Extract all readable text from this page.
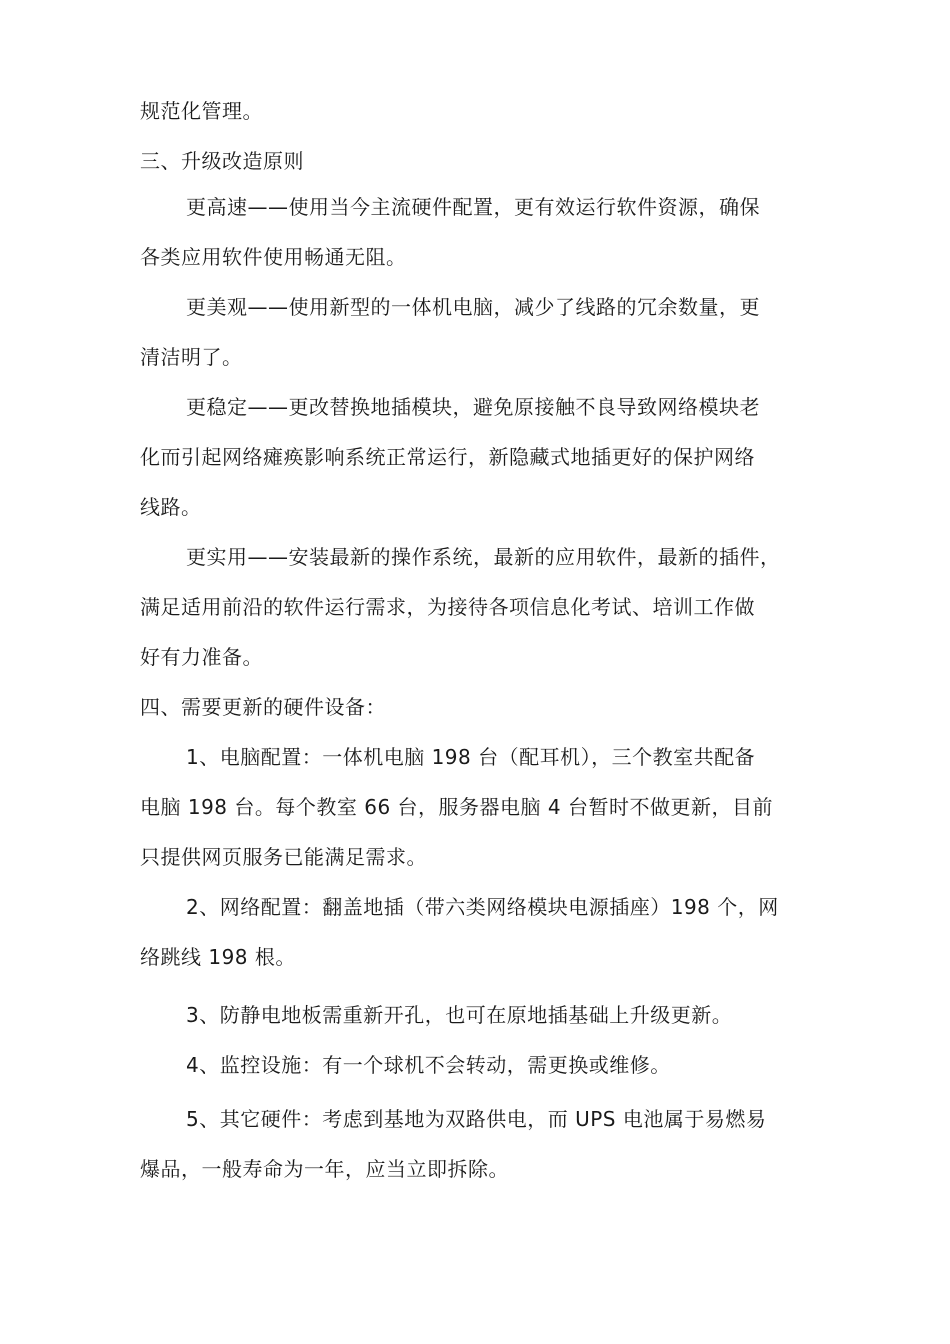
规范化管理。
三、升级改造原则
更高速——使用当今主流硬件配置，更有效运行软件资源，确保
各类应用软件使用畅通无阻。
更美观——使用新型的一体机电脑，减少了线路的冗余数量，更
清洁明了。
更稳定——更改替换地插模块，避免原接触不良导致网络模块老
化而引起网络瘫痪影响系统正常运行，新隐藏式地插更好的保护网络
线路。
更实用——安装最新的操作系统，最新的应用软件，最新的插件，
满足适用前沿的软件运行需求，为接待各项信息化考试、培训工作做
好有力准备。
四、需要更新的硬件设备：
1、电脑配置：一体机电脑 198 台（配耳机），三个教室共配备
电脑 198 台。每个教室 66 台，服务器电脑 4 台暂时不做更新，目前
只提供网页服务已能满足需求。
2、网络配置：翻盖地插（带六类网络模块电源插座）198 个，网
络跳线 198 根。
3、防静电地板需重新开孔，也可在原地插基础上升级更新。
4、监控设施：有一个球机不会转动，需更换或维修。
5、其它硬件：考虑到基地为双路供电，而 UPS 电池属于易燃易
爆品，一般寿命为一年，应当立即拆除。
